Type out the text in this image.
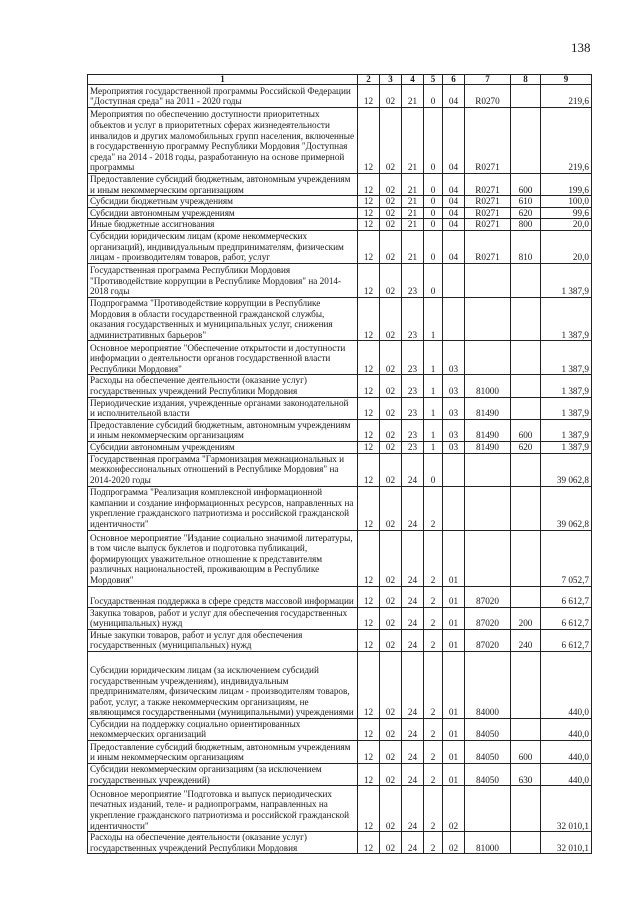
138
1	2	3	4	5	6	7	8	9
Мероприятия государственной программы Российской Федерации "Доступная среда" на 2011 - 2020 годы	12	02	21	0	04	R0270		219,6
Мероприятия по обеспечению доступности приоритетных объектов и услуг в приоритетных сферах жизнедеятельности инвалидов и других маломобильных групп населения, включенные в государственную программу Республики Мордовия "Доступная среда" на 2014 - 2018 годы, разработанную на основе примерной программы	12	02	21	0	04	R0271		219,6
Предоставление субсидий бюджетным, автономным учреждениям и иным некоммерческим организациям	12	02	21	0	04	R0271	600	199,6
Субсидии бюджетным учреждениям	12	02	21	0	04	R0271	610	100,0
Субсидии автономным учреждениям	12	02	21	0	04	R0271	620	99,6
Иные бюджетные ассигнования	12	02	21	0	04	R0271	800	20,0
Субсидии юридическим лицам (кроме некоммерческих организаций), индивидуальным предпринимателям, физическим лицам - производителям товаров, работ, услуг	12	02	21	0	04	R0271	810	20,0
Государственная программа Республики Мордовия "Противодействие коррупции в Республике Мордовия" на 2014-2018 годы	12	02	23	0				1 387,9
Подпрограмма "Противодействие коррупции в Республике Мордовия в области государственной гражданской службы, оказания государственных и муниципальных услуг, снижения административных барьеров"	12	02	23	1				1 387,9
Основное мероприятие "Обеспечение открытости и доступности информации о деятельности органов государственной власти Республики Мордовия"	12	02	23	1	03			1 387,9
Расходы на обеспечение деятельности (оказание услуг) государственных учреждений Республики Мордовия	12	02	23	1	03	81000		1 387,9
Периодические издания, учрежденные органами законодательной и исполнительной власти	12	02	23	1	03	81490		1 387,9
Предоставление субсидий бюджетным, автономным учреждениям и иным некоммерческим организациям	12	02	23	1	03	81490	600	1 387,9
Субсидии автономным учреждениям	12	02	23	1	03	81490	620	1 387,9
Государственная программа "Гармонизация межнациональных и межконфессиональных отношений в Республике Мордовия" на 2014-2020 годы	12	02	24	0				39 062,8
Подпрограмма "Реализация комплексной информационной кампании и создание информационных ресурсов, направленных на укрепление гражданского патриотизма и российской гражданской идентичности"	12	02	24	2				39 062,8
Основное мероприятие "Издание социально значимой литературы, в том числе выпуск буклетов и подготовка публикаций, формирующих уважительное отношение к представителям различных национальностей, проживающим в Республике Мордовия"	12	02	24	2	01			7 052,7
Государственная поддержка в сфере средств массовой информации	12	02	24	2	01	87020		6 612,7
Закупка товаров, работ и услуг для обеспечения государственных (муниципальных) нужд	12	02	24	2	01	87020	200	6 612,7
Иные закупки товаров, работ и услуг для обеспечения государственных (муниципальных) нужд	12	02	24	2	01	87020	240	6 612,7
Субсидии юридическим лицам (за исключением субсидий государственным учреждениям), индивидуальным предпринимателям, физическим лицам - производителям товаров, работ, услуг, а также некоммерческим организациям, не являющимся государственными (муниципальными) учреждениями	12	02	24	2	01	84000		440,0
Субсидии на поддержку социально ориентированных некоммерческих организаций	12	02	24	2	01	84050		440,0
Предоставление субсидий бюджетным, автономным учреждениям и иным некоммерческим организациям	12	02	24	2	01	84050	600	440,0
Субсидии некоммерческим организациям (за исключением государственных учреждений)	12	02	24	2	01	84050	630	440,0
Основное мероприятие "Подготовка и выпуск периодических печатных изданий, теле- и радиопрограмм, направленных на укрепление гражданского патриотизма и российской гражданской идентичности"	12	02	24	2	02			32 010,1
Расходы на обеспечение деятельности (оказание услуг) государственных учреждений Республики Мордовия	12	02	24	2	02	81000		32 010,1
